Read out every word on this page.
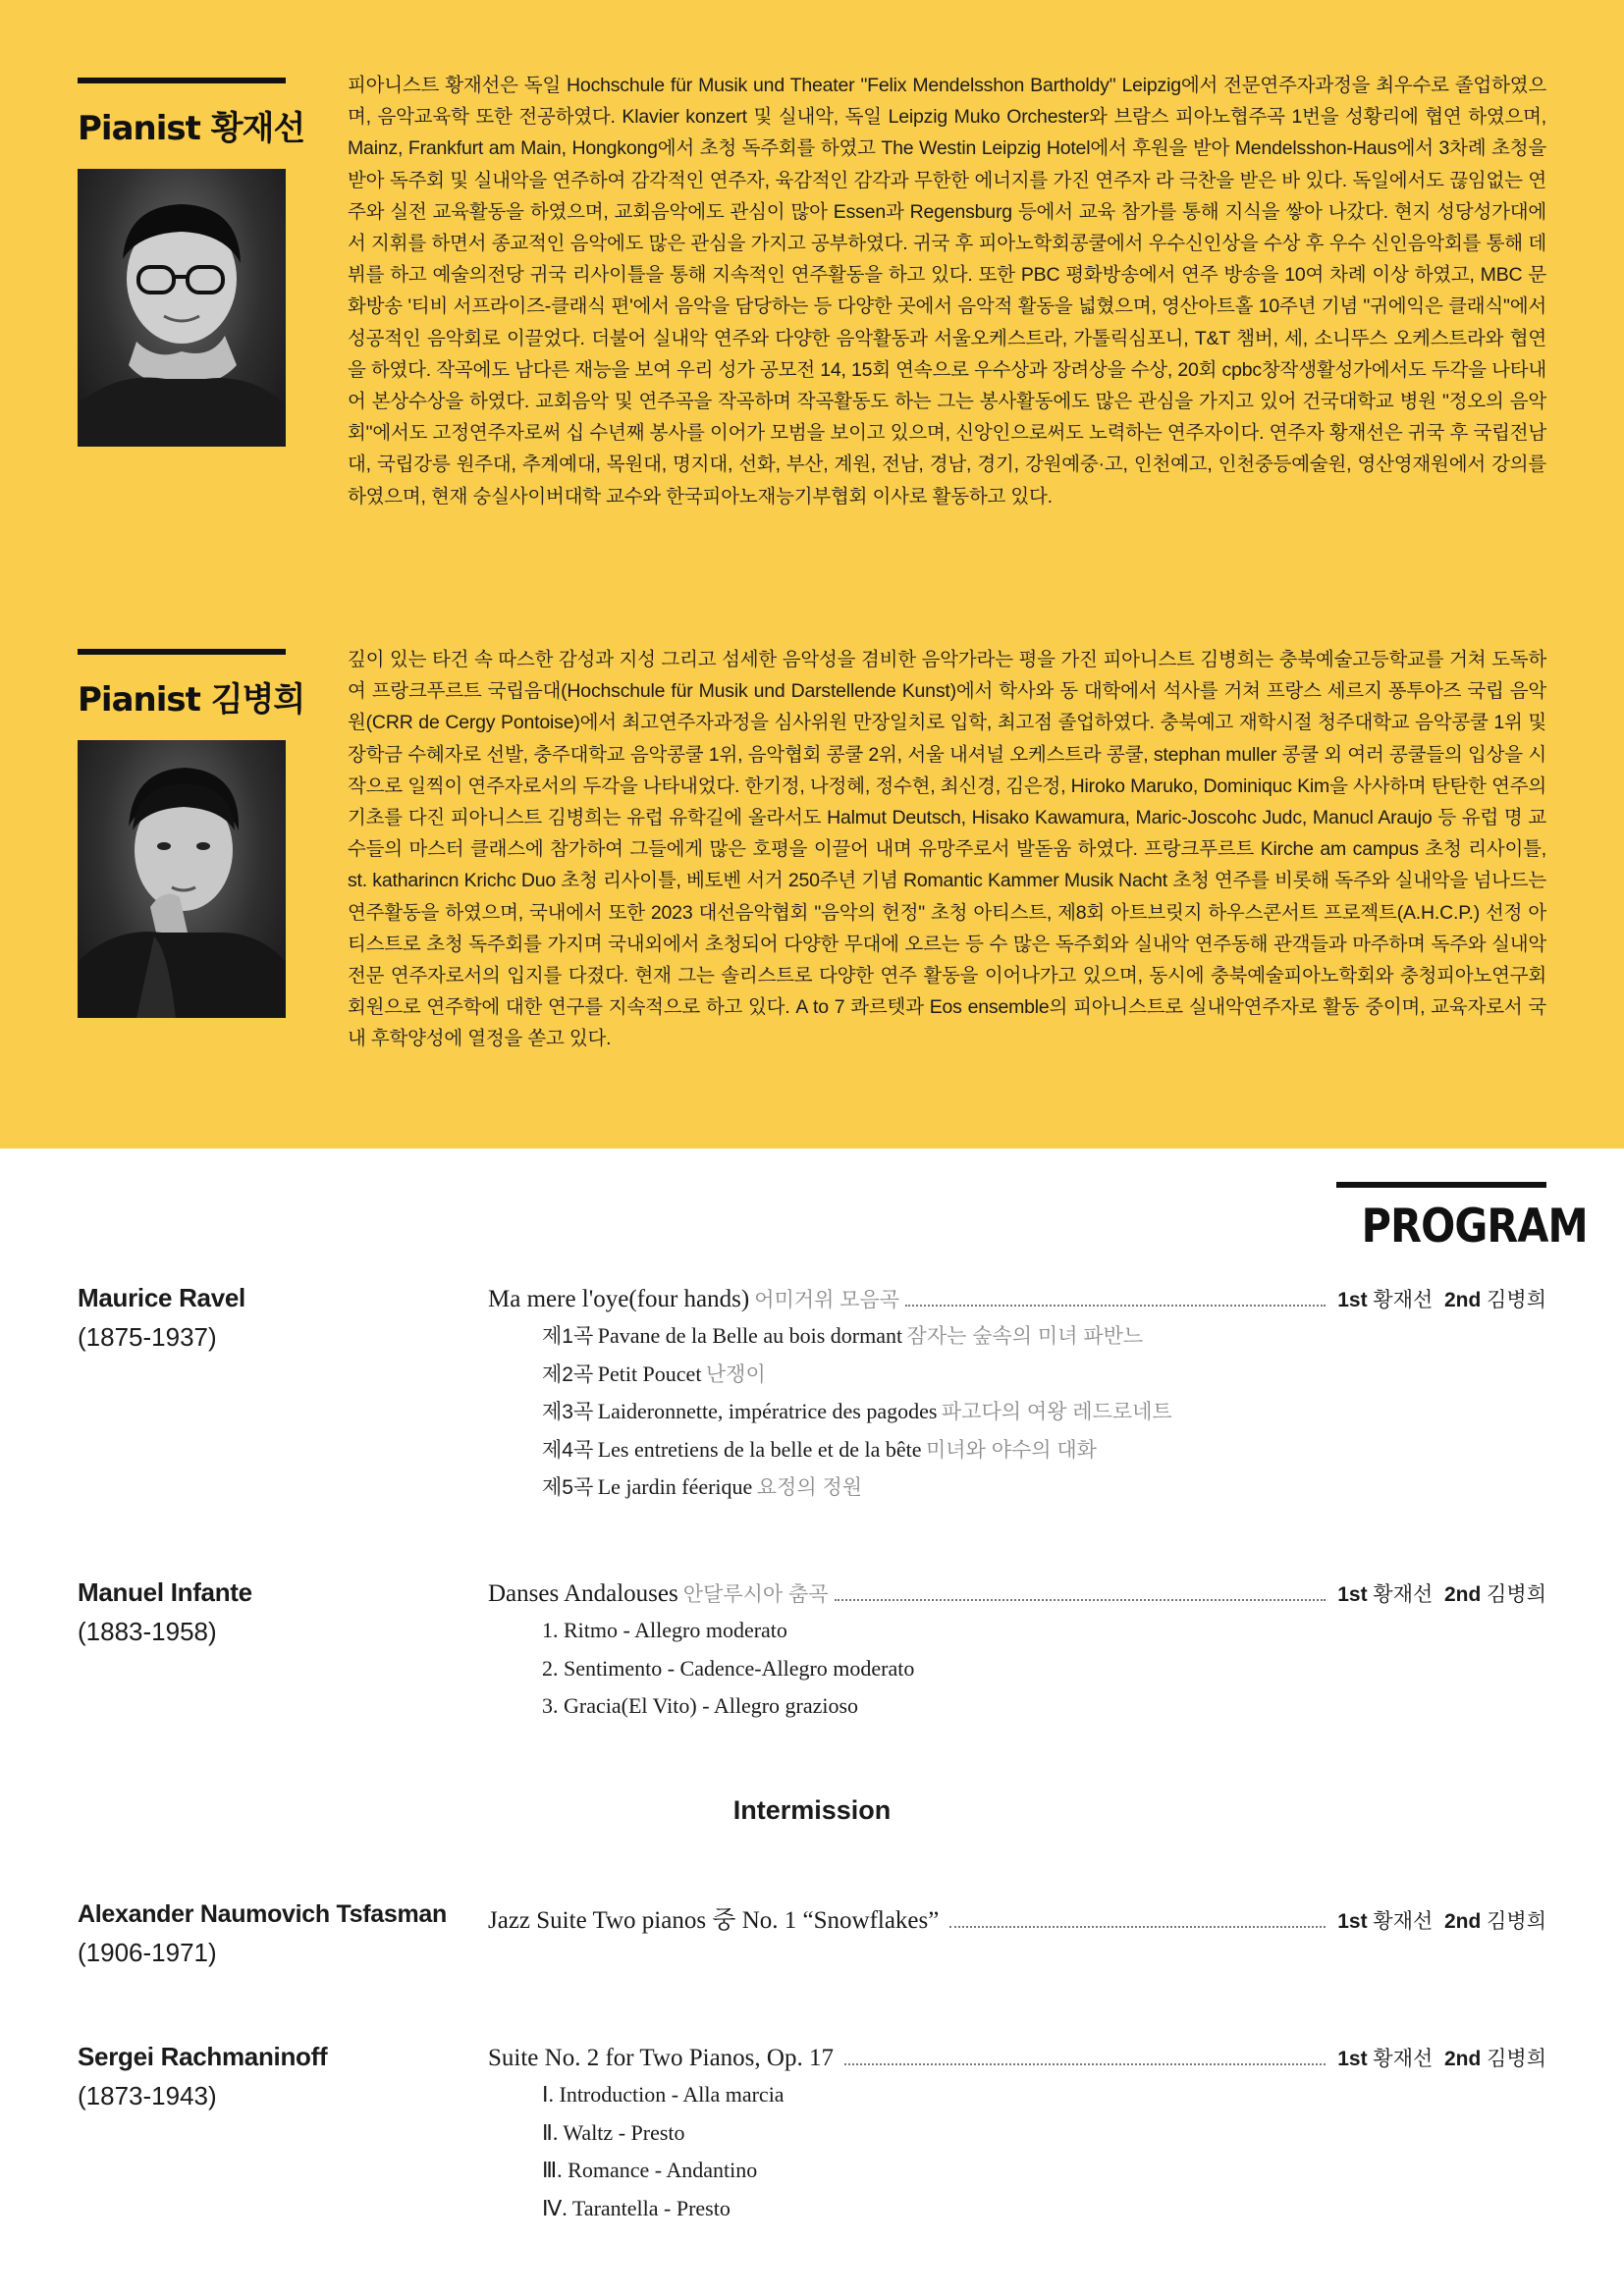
Pianist 황재선
피아니스트 황재선은 독일 Hochschule für Musik und Theater "Felix Mendelsshon Bartholdy" Leipzig에서 전문연주자과정을 최우수로 졸업하였으며, 음악교육학 또한 전공하였다. Klavier konzert 및 실내악, 독일 Leipzig Muko Orchester와 브람스 피아노협주곡 1번을 성황리에 협연 하였으며, Mainz, Frankfurt am Main, Hongkong에서 초청 독주회를 하였고 The Westin Leipzig Hotel에서 후원을 받아 Mendelsshon-Haus에서 3차례 초청을 받아 독주회 및 실내악을 연주하여 감각적인 연주자, 육감적인 감각과 무한한 에너지를 가진 연주자 라 극찬을 받은 바 있다. 독일에서도 끊임없는 연주와 실전 교육활동을 하였으며, 교회음악에도 관심이 많아 Essen과 Regensburg 등에서 교육 참가를 통해 지식을 쌓아 나갔다. 현지 성당성가대에서 지휘를 하면서 종교적인 음악에도 많은 관심을 가지고 공부하였다. 귀국 후 피아노학회콩쿨에서 우수신인상을 수상 후 우수 신인음악회를 통해 데뷔를 하고 예술의전당 귀국 리사이틀을 통해 지속적인 연주활동을 하고 있다. 또한 PBC 평화방송에서 연주 방송을 10여 차례 이상 하였고, MBC 문화방송 '티비 서프라이즈-클래식 편'에서 음악을 담당하는 등 다양한 곳에서 음악적 활동을 넓혔으며, 영산아트홀 10주년 기념 "귀에익은 클래식"에서 성공적인 음악회로 이끌었다. 더불어 실내악 연주와 다양한 음악활동과 서울오케스트라, 가톨릭심포니, T&T 챔버, 세, 소니뚜스 오케스트라와 협연을 하였다. 작곡에도 남다른 재능을 보여 우리 성가 공모전 14, 15회 연속으로 우수상과 장려상을 수상, 20회 cpbc창작생활성가에서도 두각을 나타내어 본상수상을 하였다. 교회음악 및 연주곡을 작곡하며 작곡활동도 하는 그는 봉사활동에도 많은 관심을 가지고 있어 건국대학교 병원 "정오의 음악회"에서도 고정연주자로써 십 수년째 봉사를 이어가 모범을 보이고 있으며, 신앙인으로써도 노력하는 연주자이다. 연주자 황재선은 귀국 후 국립전남대, 국립강릉 원주대, 추계예대, 목원대, 명지대, 선화, 부산, 계원, 전남, 경남, 경기, 강원예중·고, 인천예고, 인천중등예술원, 영산영재원에서 강의를 하였으며, 현재 숭실사이버대학 교수와 한국피아노재능기부협회 이사로 활동하고 있다.
Pianist 김병희
깊이 있는 타건 속 따스한 감성과 지성 그리고 섬세한 음악성을 겸비한 음악가라는 평을 가진 피아니스트 김병희는 충북예술고등학교를 거쳐 도독하여 프랑크푸르트 국립음대(Hochschule für Musik und Darstellende Kunst)에서 학사와 동 대학에서 석사를 거쳐 프랑스 세르지 퐁투아즈 국립 음악원(CRR de Cergy Pontoise)에서 최고연주자과정을 심사위원 만장일치로 입학, 최고점 졸업하였다. 충북예고 재학시절 청주대학교 음악콩쿨 1위 및 장학금 수혜자로 선발, 충주대학교 음악콩쿨 1위, 음악협회 콩쿨 2위, 서울 내셔널 오케스트라 콩쿨, stephan muller 콩쿨 외 여러 콩쿨들의 입상을 시작으로 일찍이 연주자로서의 두각을 나타내었다. 한기정, 나정혜, 정수현, 최신경, 김은정, Hiroko Maruko, Dominiquc Kim을 사사하며 탄탄한 연주의 기초를 다진 피아니스트 김병희는 유럽 유학길에 올라서도 Halmut Deutsch, Hisako Kawamura, Maric-Joscohc Judc, Manucl Araujo 등 유럽 명 교수들의 마스터 클래스에 참가하여 그들에게 많은 호평을 이끌어 내며 유망주로서 발돋움 하였다. 프랑크푸르트 Kirche am campus 초청 리사이틀, st. katharincn Krichc Duo 초청 리사이틀, 베토벤 서거 250주년 기념 Romantic Kammer Musik Nacht 초청 연주를 비롯해 독주와 실내악을 넘나드는 연주활동을 하였으며, 국내에서 또한 2023 대선음악협회 "음악의 헌정" 초청 아티스트, 제8회 아트브릿지 하우스콘서트 프로젝트(A.H.C.P.) 선정 아티스트로 초청 독주회를 가지며 국내외에서 초청되어 다양한 무대에 오르는 등 수 많은 독주회와 실내악 연주동해 관객들과 마주하며 독주와 실내악 전문 연주자로서의 입지를 다졌다. 현재 그는 솔리스트로 다양한 연주 활동을 이어나가고 있으며, 동시에 충북예술피아노학회와 충청피아노연구회 회원으로 연주학에 대한 연구를 지속적으로 하고 있다. A to 7 콰르텟과 Eos ensemble의 피아니스트로 실내악연주자로 활동 중이며, 교육자로서 국내 후학양성에 열정을 쏟고 있다.
PROGRAM
Maurice Ravel
(1875-1937)
Ma mere l'oye(four hands) 어미거위 모음곡	1st 황재선 2nd 김병희
제1곡 Pavane de la Belle au bois dormant 잠자는 숲속의 미녀 파반느
제2곡 Petit Poucet 난쟁이
제3곡 Laideronnette, impératrice des pagodes 파고다의 여왕 레드로네트
제4곡 Les entretiens de la belle et de la bête 미녀와 야수의 대화
제5곡 Le jardin féerique 요정의 정원
Manuel Infante
(1883-1958)
Danses Andalouses 안달루시아 춤곡	1st 황재선 2nd 김병희
1. Ritmo - Allegro moderato
2. Sentimento - Cadence-Allegro moderato
3. Gracia(El Vito) - Allegro grazioso
Intermission
Alexander Naumovich Tsfasman
(1906-1971)
Jazz Suite Two pianos 중 No. 1 “Snowflakes”	1st 황재선 2nd 김병희
Sergei Rachmaninoff
(1873-1943)
Suite No. 2 for Two Pianos, Op. 17	1st 황재선 2nd 김병희
Ⅰ. Introduction - Alla marcia
Ⅱ. Waltz - Presto
Ⅲ. Romance - Andantino
Ⅳ. Tarantella - Presto
